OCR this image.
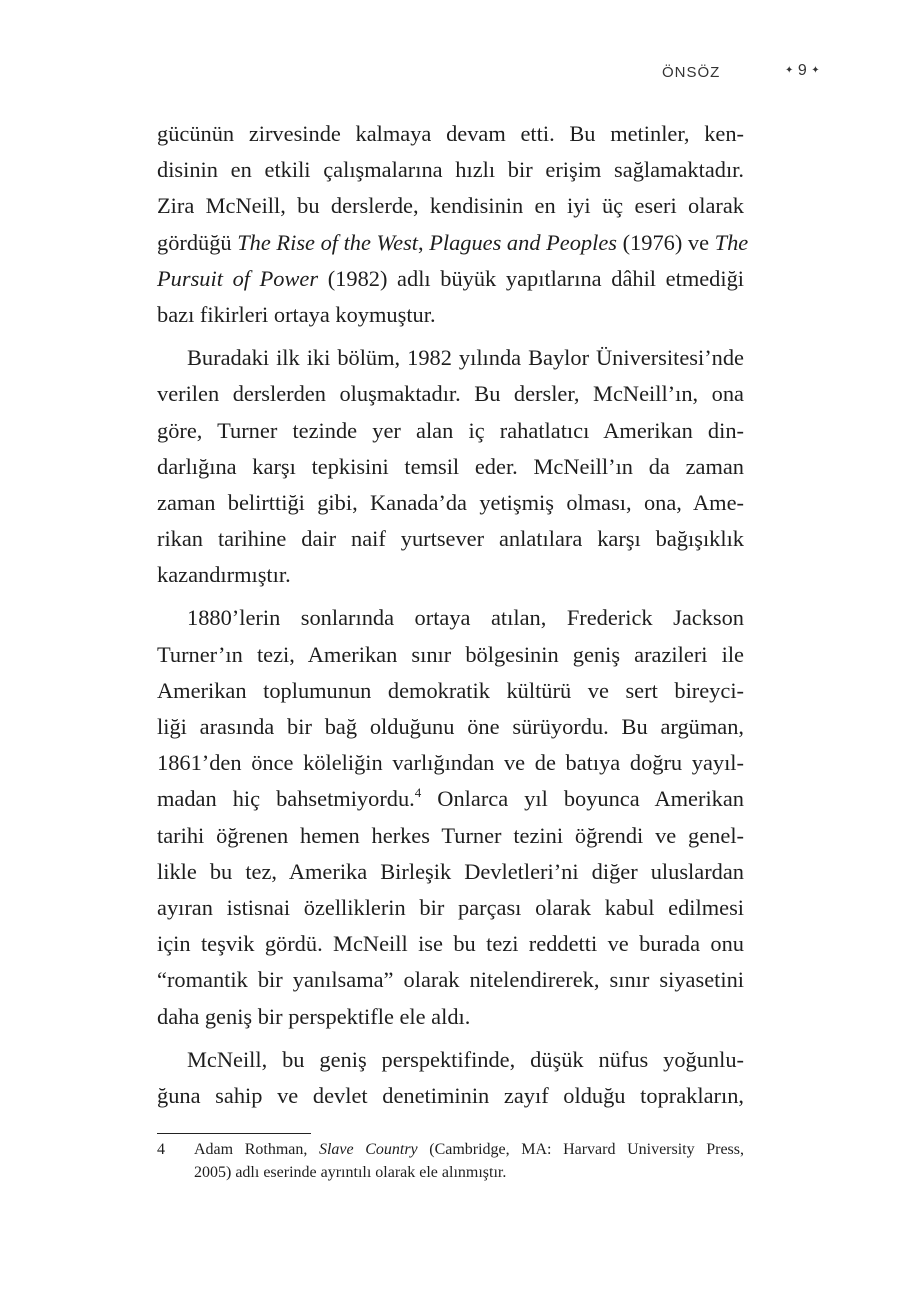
ÖNSÖZ	✦ 9 ✦
gücünün zirvesinde kalmaya devam etti. Bu metinler, ken-
disinin en etkili çalışmalarına hızlı bir erişim sağlamaktadır.
Zira McNeill, bu derslerde, kendisinin en iyi üç eseri olarak
gördüğü The Rise of the West, Plagues and Peoples (1976) ve The
Pursuit of Power (1982) adlı büyük yapıtlarına dâhil etmediği
bazı fikirleri ortaya koymuştur.
Buradaki ilk iki bölüm, 1982 yılında Baylor Üniversitesi’nde
verilen derslerden oluşmaktadır. Bu dersler, McNeill’ın, ona
göre, Turner tezinde yer alan iç rahatlatıcı Amerikan din-
darlığına karşı tepkisini temsil eder. McNeill’ın da zaman
zaman belirttiği gibi, Kanada’da yetişmiş olması, ona, Ame-
rikan tarihine dair naif yurtsever anlatılara karşı bağışıklık
kazandırmıştır.
1880’lerin sonlarında ortaya atılan, Frederick Jackson
Turner’ın tezi, Amerikan sınır bölgesinin geniş arazileri ile
Amerikan toplumunun demokratik kültürü ve sert bireyci-
liği arasında bir bağ olduğunu öne sürüyordu. Bu argüman,
1861’den önce köleliğin varlığından ve de batıya doğru yayıl-
madan hiç bahsetmiyordu.$^4$ Onlarca yıl boyunca Amerikan
tarihi öğrenen hemen herkes Turner tezini öğrendi ve genel-
likle bu tez, Amerika Birleşik Devletleri’ni diğer uluslardan
ayıran istisnai özelliklerin bir parçası olarak kabul edilmesi
için teşvik gördü. McNeill ise bu tezi reddetti ve burada onu
“romantik bir yanılsama” olarak nitelendirerek, sınır siyasetini
daha geniş bir perspektifle ele aldı.
McNeill, bu geniş perspektifinde, düşük nüfus yoğunlu-
ğuna sahip ve devlet denetiminin zayıf olduğu toprakların,
4 Adam Rothman, Slave Country (Cambridge, MA: Harvard University Press,
2005) adlı eserinde ayrıntılı olarak ele alınmıştır.
